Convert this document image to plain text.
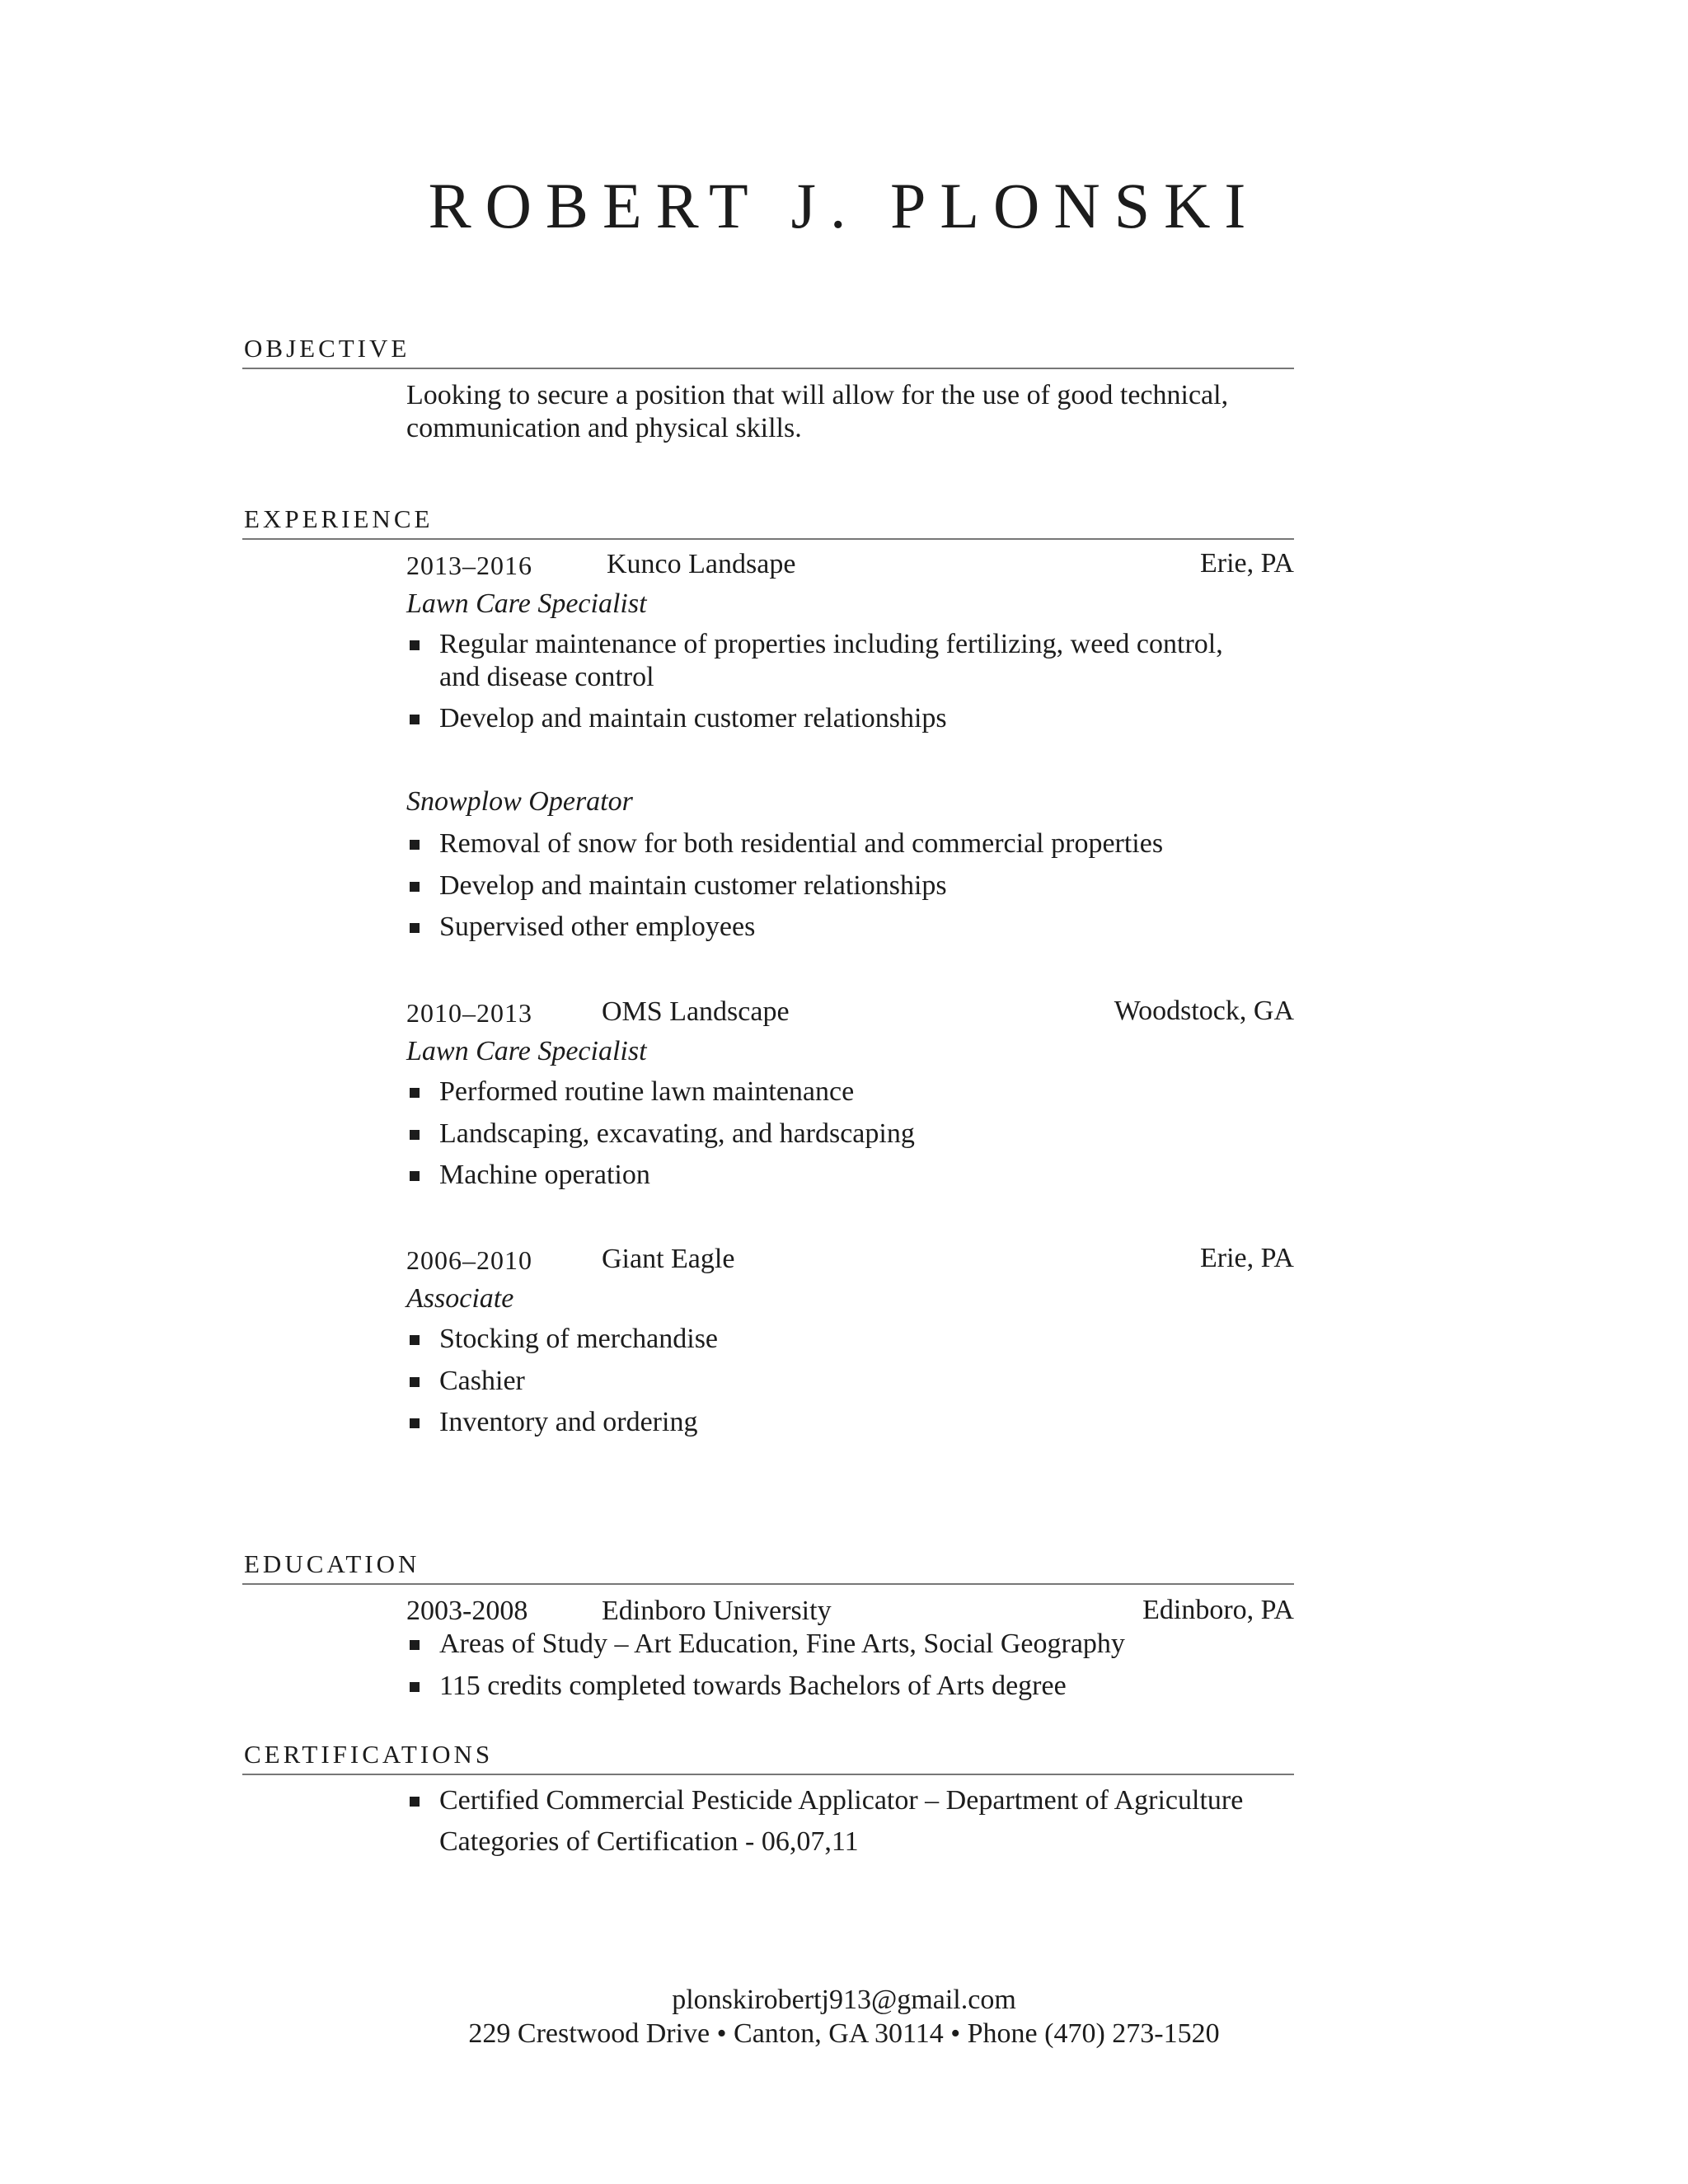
ROBERT J. PLONSKI
OBJECTIVE
Looking to secure a position that will allow for the use of good technical,
communication and physical skills.
EXPERIENCE
2013–2016	Kunco Landsape	Erie, PA
Lawn Care Specialist
Regular maintenance of properties including fertilizing, weed control,
and disease control
Develop and maintain customer relationships
Snowplow Operator
Removal of snow for both residential and commercial properties
Develop and maintain customer relationships
Supervised other employees
2010–2013 OMS Landscape	Woodstock, GA
Lawn Care Specialist
Performed routine lawn maintenance
Landscaping, excavating, and hardscaping
Machine operation
2006–2010 Giant Eagle	Erie, PA
Associate
Stocking of merchandise
Cashier
Inventory and ordering
EDUCATION
2003-2008	Edinboro University	Edinboro, PA
Areas of Study – Art Education, Fine Arts, Social Geography
115 credits completed towards Bachelors of Arts degree
CERTIFICATIONS
Certified Commercial Pesticide Applicator – Department of Agriculture
Categories of Certification - 06,07,11
plonskirobertj913@gmail.com
229 Crestwood Drive • Canton, GA 30114 • Phone (470) 273-1520
